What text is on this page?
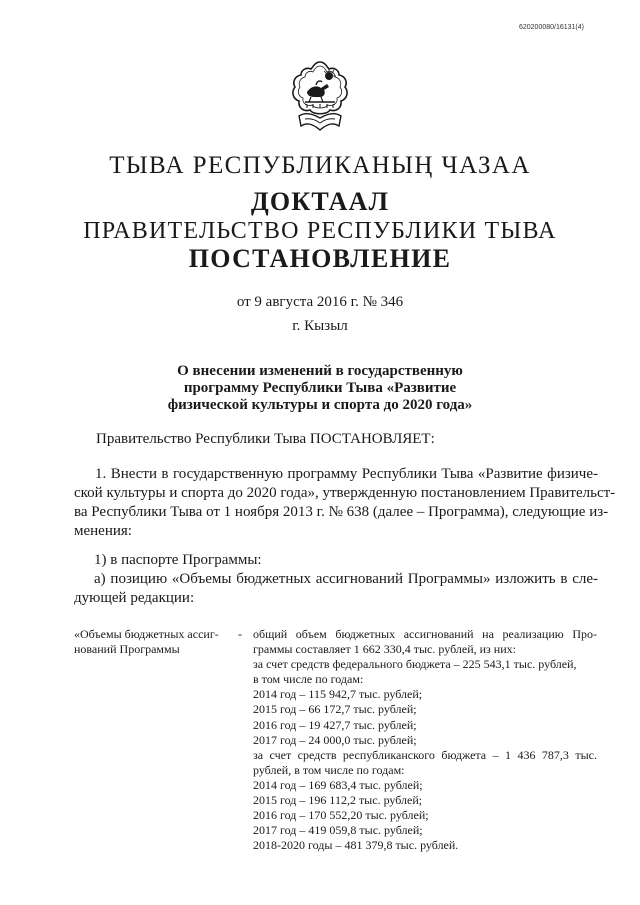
620200080/16131(4)
ТЫВА РЕСПУБЛИКАНЫҢ ЧАЗАА
ДОКТААЛ
ПРАВИТЕЛЬСТВО РЕСПУБЛИКИ ТЫВА
ПОСТАНОВЛЕНИЕ
от 9 августа 2016 г. № 346
г. Кызыл
О внесении изменений в государственную
программу Республики Тыва «Развитие
физической культуры и спорта до 2020 года»
Правительство Республики Тыва ПОСТАНОВЛЯЕТ:
1. Внести в государственную программу Республики Тыва «Развитие физиче-
ской культуры и спорта до 2020 года», утвержденную постановлением Правительст-
ва Республики Тыва от 1 ноября 2013 г. № 638 (далее – Программа), следующие из-
менения:
1) в паспорте Программы:
а) позицию «Объемы бюджетных ассигнований Программы» изложить в сле-
дующей редакции:
«Объемы бюджетных ассиг-
нований Программы
- общий объем бюджетных ассигнований на реализацию Про-
граммы составляет 1 662 330,4 тыс. рублей, из них:
за счет средств федерального бюджета – 225 543,1 тыс. рублей,
в том числе по годам:
2014 год – 115 942,7 тыс. рублей;
2015 год – 66 172,7 тыс. рублей;
2016 год – 19 427,7 тыс. рублей;
2017 год – 24 000,0 тыс. рублей;
за счет средств республиканского бюджета – 1 436 787,3 тыс.
рублей, в том числе по годам:
2014 год – 169 683,4 тыс. рублей;
2015 год – 196 112,2 тыс. рублей;
2016 год – 170 552,20 тыс. рублей;
2017 год – 419 059,8 тыс. рублей;
2018-2020 годы – 481 379,8 тыс. рублей.
